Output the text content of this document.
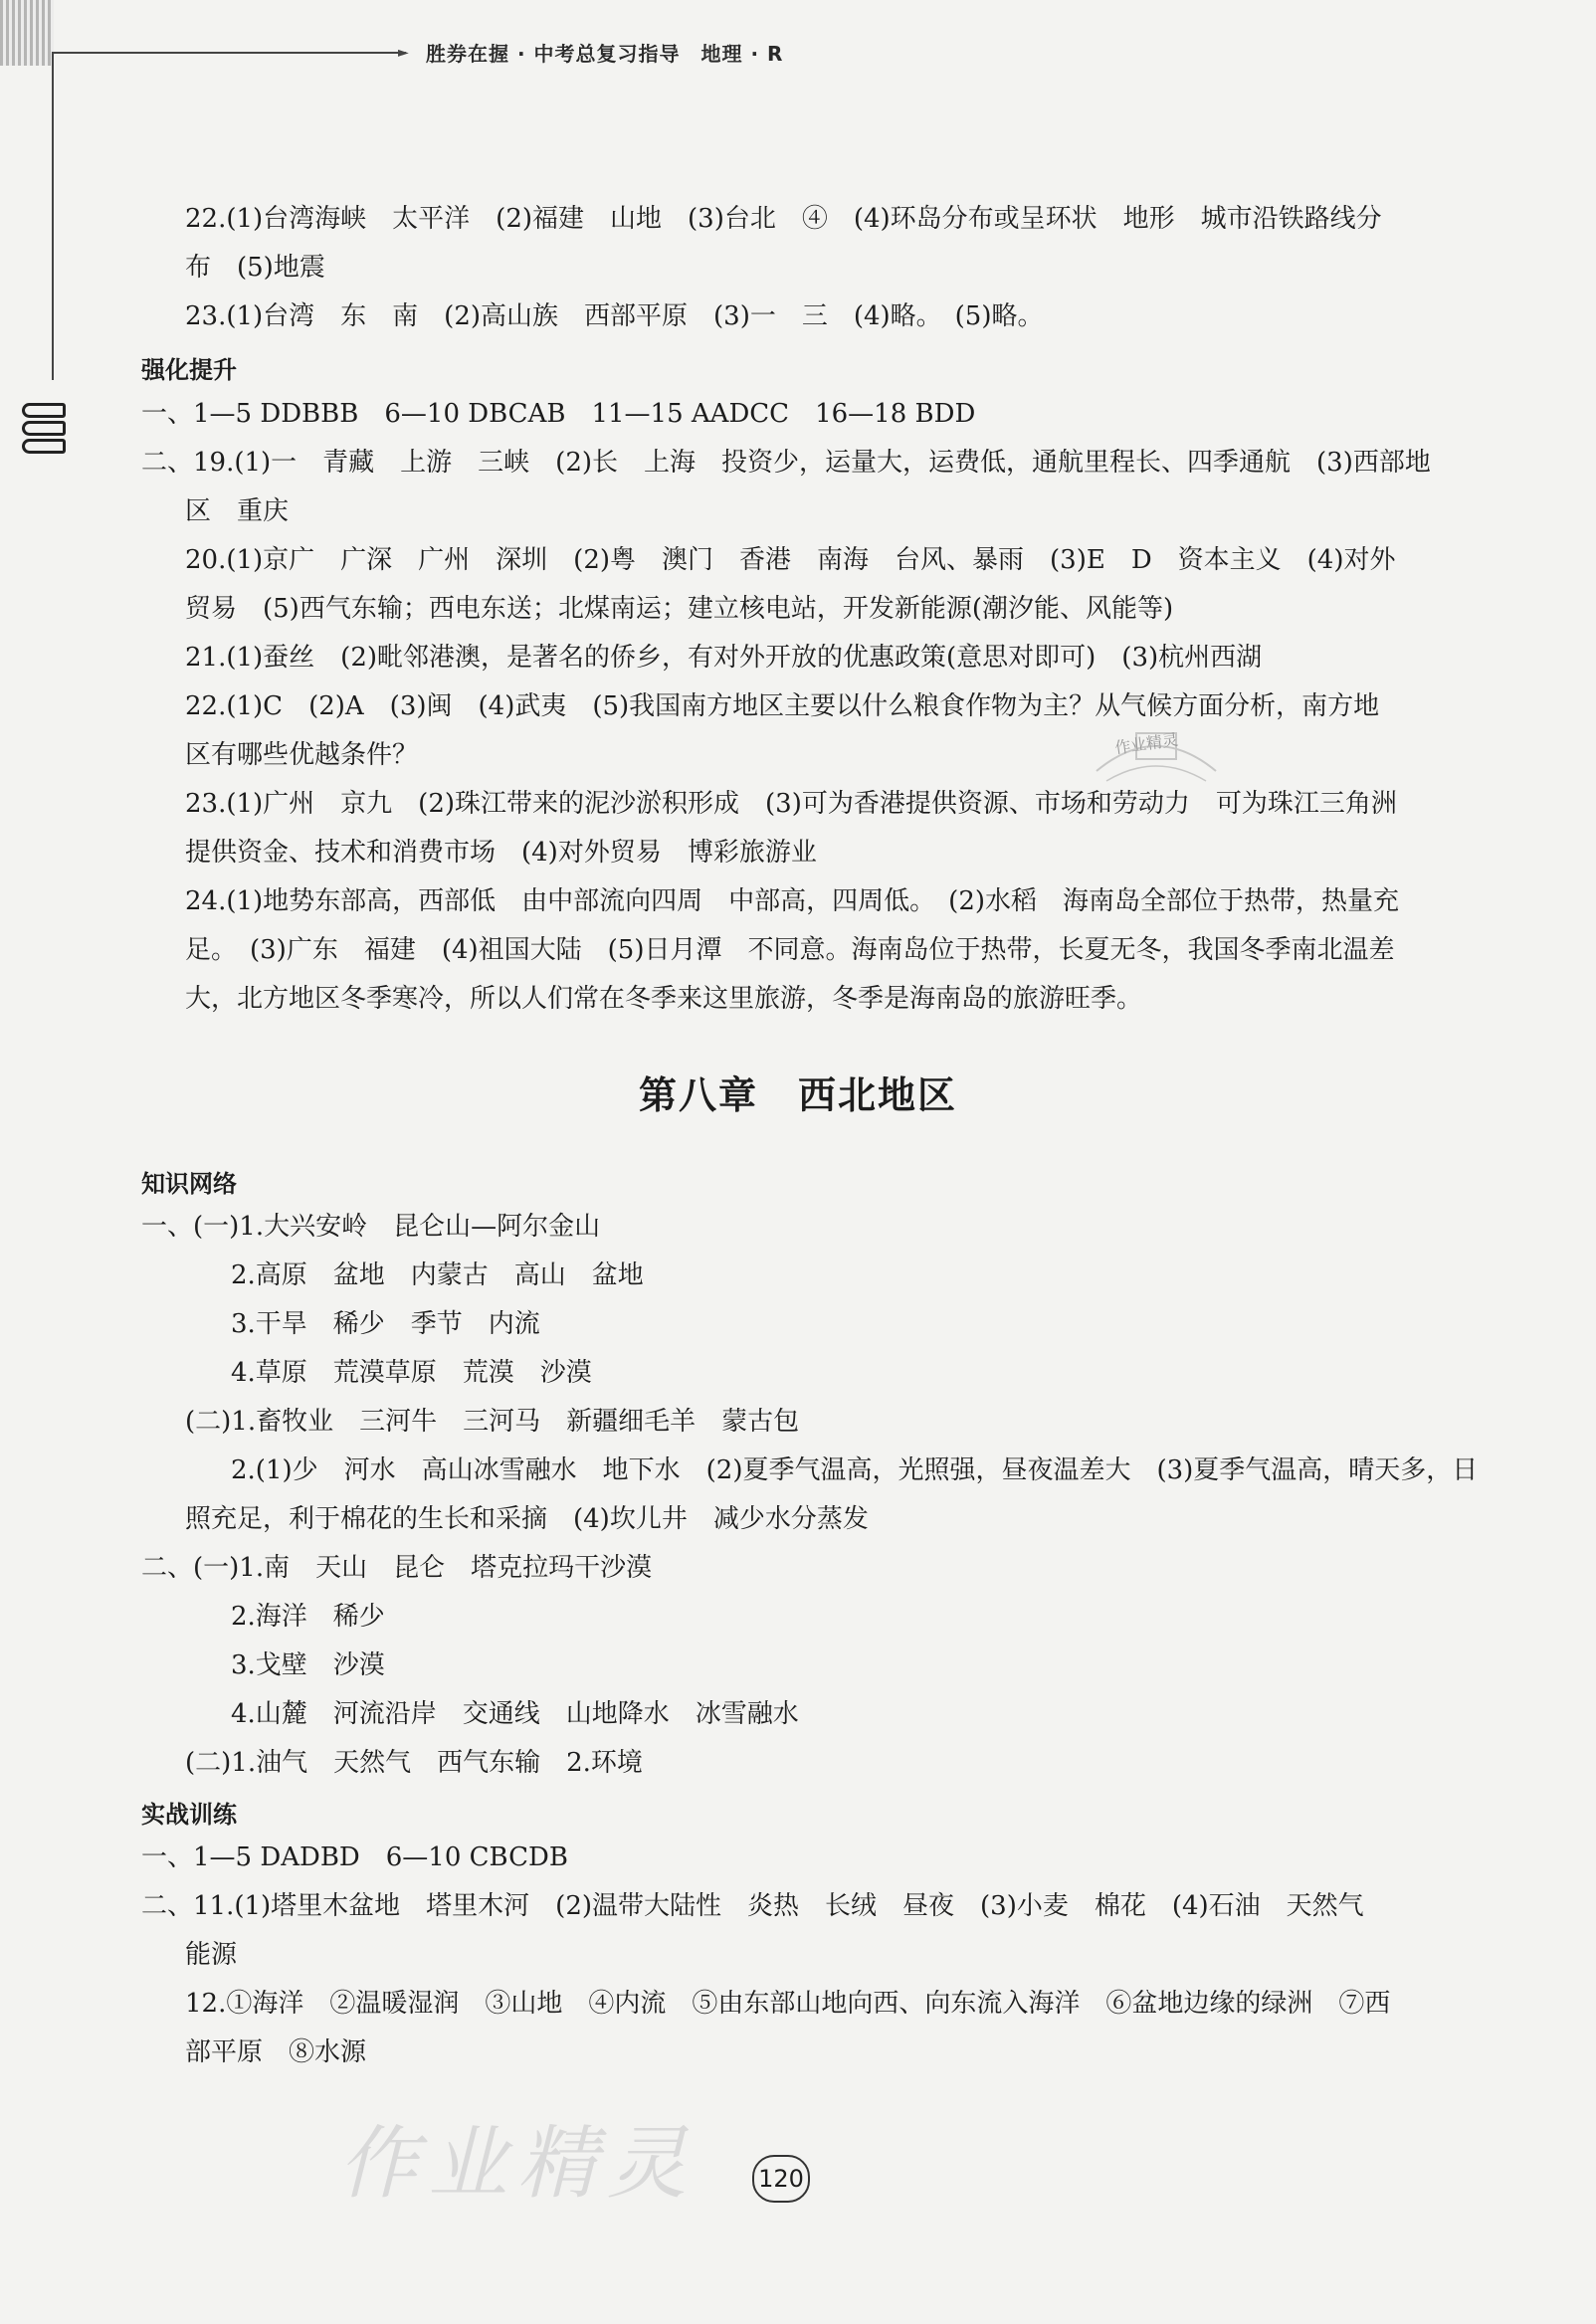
► 胜券在握 · 中考总复习指导　地理 · R
22.(1)台湾海峡　太平洋　(2)福建　山地　(3)台北　④　(4)环岛分布或呈环状　地形　城市沿铁路线分
布　(5)地震
23.(1)台湾　东　南　(2)高山族　西部平原　(3)一　三　(4)略。　(5)略。
强化提升
一、1—5 DDBBB　6—10 DBCAB　11—15 AADCC　16—18 BDD
二、19.(1)一　青藏　上游　三峡　(2)长　上海　投资少，运量大，运费低，通航里程长、四季通航　(3)西部地
区　重庆
20.(1)京广　广深　广州　深圳　(2)粤　澳门　香港　南海　台风、暴雨　(3)E　D　资本主义　(4)对外
贸易　(5)西气东输；西电东送；北煤南运；建立核电站，开发新能源(潮汐能、风能等)
21.(1)蚕丝　(2)毗邻港澳，是著名的侨乡，有对外开放的优惠政策(意思对即可)　(3)杭州西湖
22.(1)C　(2)A　(3)闽　(4)武夷　(5)我国南方地区主要以什么粮食作物为主？从气候方面分析，南方地
区有哪些优越条件？
23.(1)广州　京九　(2)珠江带来的泥沙淤积形成　(3)可为香港提供资源、市场和劳动力　可为珠江三角洲
提供资金、技术和消费市场　(4)对外贸易　博彩旅游业
24.(1)地势东部高，西部低　由中部流向四周　中部高，四周低。　(2)水稻　海南岛全部位于热带，热量充
足。　(3)广东　福建　(4)祖国大陆　(5)日月潭　不同意。海南岛位于热带，长夏无冬，我国冬季南北温差
大，北方地区冬季寒冷，所以人们常在冬季来这里旅游，冬季是海南岛的旅游旺季。
作业精灵
第八章　西北地区
知识网络
一、(一)1.大兴安岭　昆仑山—阿尔金山
2.高原　盆地　内蒙古　高山　盆地
3.干旱　稀少　季节　内流
4.草原　荒漠草原　荒漠　沙漠
(二)1.畜牧业　三河牛　三河马　新疆细毛羊　蒙古包
2.(1)少　河水　高山冰雪融水　地下水　(2)夏季气温高，光照强，昼夜温差大　(3)夏季气温高，晴天多，日
照充足，利于棉花的生长和采摘　(4)坎儿井　减少水分蒸发
二、(一)1.南　天山　昆仑　塔克拉玛干沙漠
2.海洋　稀少
3.戈壁　沙漠
4.山麓　河流沿岸　交通线　山地降水　冰雪融水
(二)1.油气　天然气　西气东输　2.环境
实战训练
一、1—5 DADBD　6—10 CBCDB
二、11.(1)塔里木盆地　塔里木河　(2)温带大陆性　炎热　长绒　昼夜　(3)小麦　棉花　(4)石油　天然气
能源
12.①海洋　②温暖湿润　③山地　④内流　⑤由东部山地向西、向东流入海洋　⑥盆地边缘的绿洲　⑦西
部平原　⑧水源
作业精灵	120
